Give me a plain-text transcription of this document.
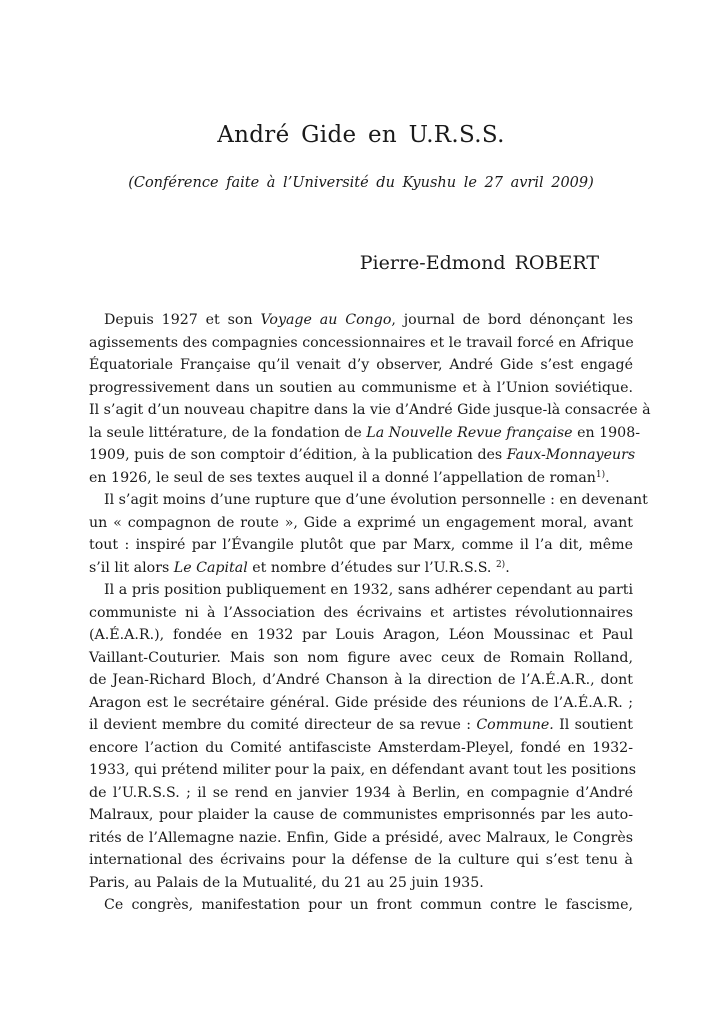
André Gide en U.R.S.S.

(Conférence faite à l’Université du Kyushu le 27 avril 2009)

Pierre-Edmond ROBERT

Depuis 1927 et son Voyage au Congo, journal de bord dénonçant les
agissements des compagnies concessionnaires et le travail forcé en Afrique
Équatoriale Française qu’il venait d’y observer, André Gide s’est engagé
progressivement dans un soutien au communisme et à l’Union soviétique.
Il s’agit d’un nouveau chapitre dans la vie d’André Gide jusque-là consacrée à
la seule littérature, de la fondation de La Nouvelle Revue française en 1908-
1909, puis de son comptoir d’édition, à la publication des Faux-Monnayeurs
en 1926, le seul de ses textes auquel il a donné l’appellation de roman$^{1)}$.
Il s’agit moins d’une rupture que d’une évolution personnelle : en devenant
un « compagnon de route », Gide a exprimé un engagement moral, avant
tout : inspiré par l’Évangile plutôt que par Marx, comme il l’a dit, même
s’il lit alors Le Capital et nombre d’études sur l’U.R.S.S. $^{2)}$.
Il a pris position publiquement en 1932, sans adhérer cependant au parti
communiste ni à l’Association des écrivains et artistes révolutionnaires
(A.É.A.R.), fondée en 1932 par Louis Aragon, Léon Moussinac et Paul
Vaillant-Couturier. Mais son nom figure avec ceux de Romain Rolland,
de Jean-Richard Bloch, d’André Chanson à la direction de l’A.É.A.R., dont
Aragon est le secrétaire général. Gide préside des réunions de l’A.É.A.R. ;
il devient membre du comité directeur de sa revue : Commune. Il soutient
encore l’action du Comité antifasciste Amsterdam-Pleyel, fondé en 1932-
1933, qui prétend militer pour la paix, en défendant avant tout les positions
de l’U.R.S.S. ; il se rend en janvier 1934 à Berlin, en compagnie d’André
Malraux, pour plaider la cause de communistes emprisonnés par les auto-
rités de l’Allemagne nazie. Enfin, Gide a présidé, avec Malraux, le Congrès
international des écrivains pour la défense de la culture qui s’est tenu à
Paris, au Palais de la Mutualité, du 21 au 25 juin 1935.
Ce congrès, manifestation pour un front commun contre le fascisme,
